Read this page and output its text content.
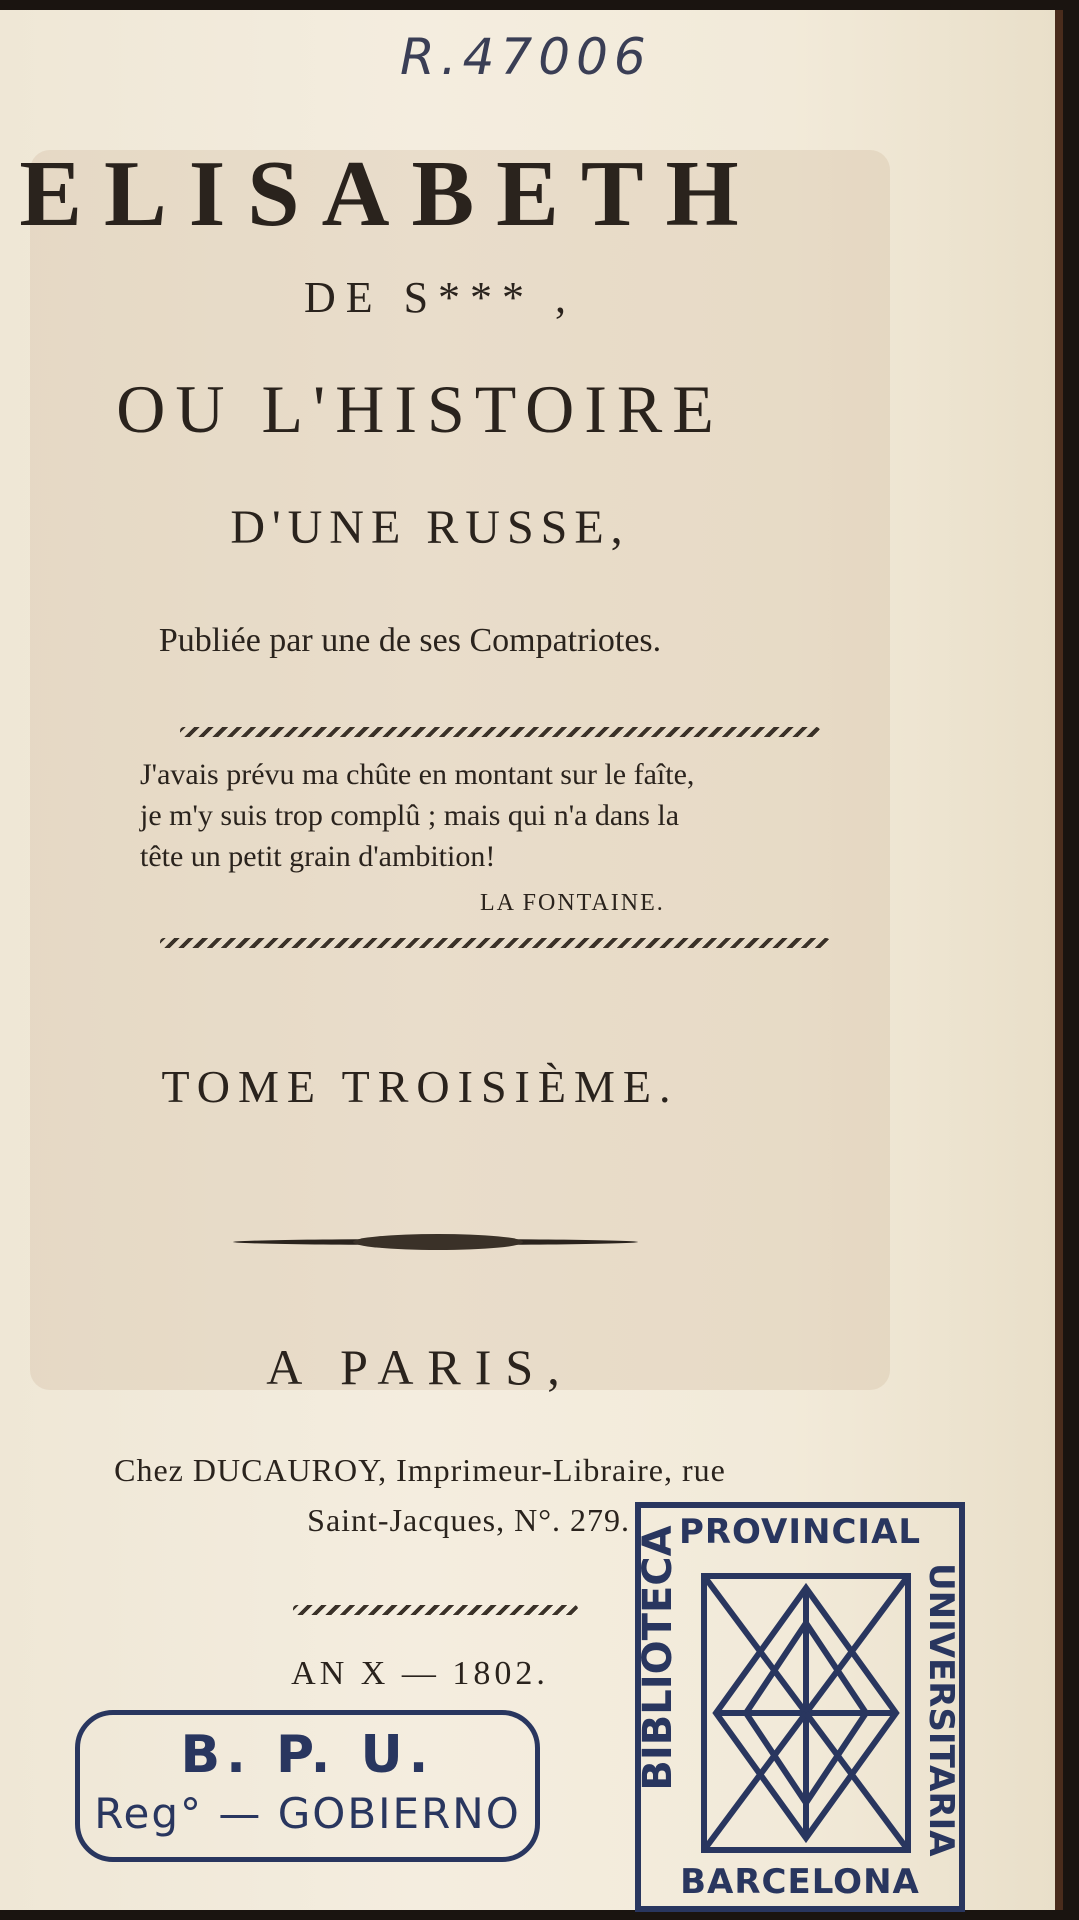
R.47006
ELISABETH
DE S*** ,
OU L'HISTOIRE
D'UNE RUSSE,
Publiée par une de ses Compatriotes.
J'avais prévu ma chûte en montant sur le faîte,
je m'y suis trop complû ; mais qui n'a dans la
tête un petit grain d'ambition!
LA FONTAINE.
TOME TROISIÈME.
A PARIS,
Chez DUCAUROY, Imprimeur-Libraire, rue
Saint-Jacques, N°. 279.
AN X — 1802.
B. P. U.
Reg° — GOBIERNO
PROVINCIAL
BIBLIOTECA	UNIVERSITARIA
BARCELONA
